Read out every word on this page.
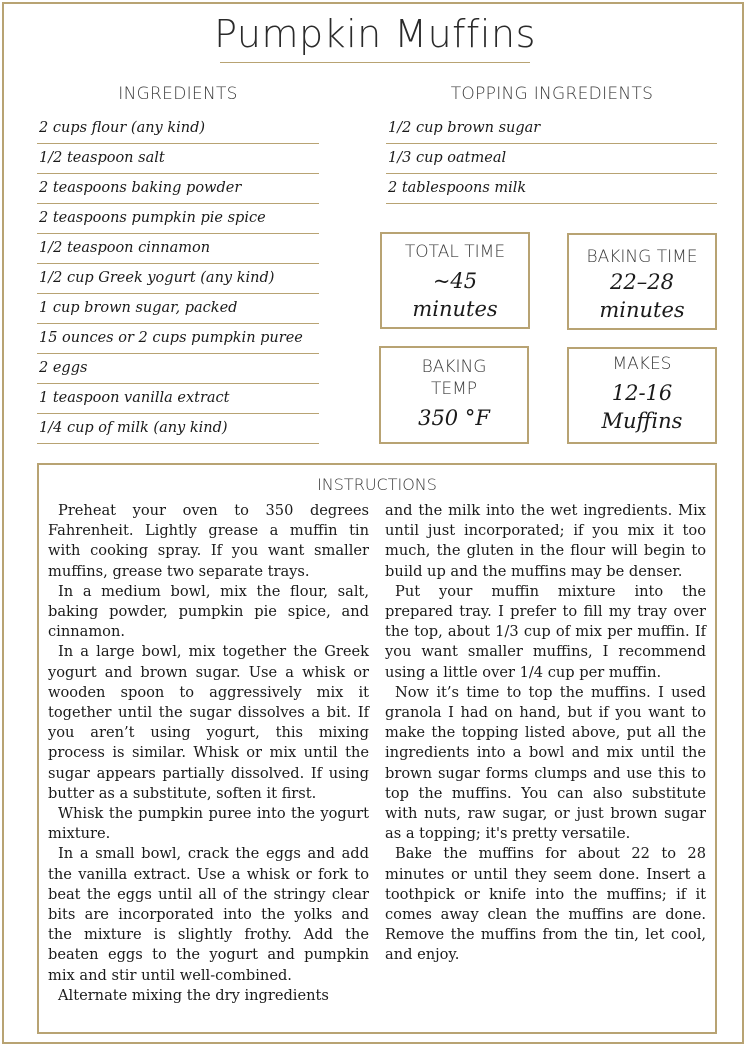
Pumpkin Muffins
INGREDIENTS
2 cups flour (any kind)
1/2 teaspoon salt
2 teaspoons baking powder
2 teaspoons pumpkin pie spice
1/2 teaspoon cinnamon
1/2 cup Greek yogurt (any kind)
1 cup brown sugar, packed
15 ounces or 2 cups pumpkin puree
2 eggs
1 teaspoon vanilla extract
1/4 cup of milk (any kind)
TOPPING INGREDIENTS
1/2 cup brown sugar
1/3 cup oatmeal
2 tablespoons milk
TOTAL TIME
~45
minutes
BAKING TIME
22–28
minutes
BAKING
TEMP
350 °F
MAKES
12-16
Muffins
INSTRUCTIONS

Preheat your oven to 350 degrees Fahrenheit. Lightly grease a muffin tin with cooking spray. If you want smaller muffins, grease two separate trays.

In a medium bowl, mix the flour, salt, baking powder, pumpkin pie spice, and cinnamon.

In a large bowl, mix together the Greek yogurt and brown sugar. Use a whisk or wooden spoon to aggressively mix it together until the sugar dissolves a bit. If you aren’t using yogurt, this mixing process is similar. Whisk or mix until the sugar appears partially dissolved. If using butter as a substitute, soften it first.

Whisk the pumpkin puree into the yogurt mixture.

In a small bowl, crack the eggs and add the vanilla extract. Use a whisk or fork to beat the eggs until all of the stringy clear bits are incorporated into the yolks and the mixture is slightly frothy. Add the beaten eggs to the yogurt and pumpkin mix and stir until well-combined.

Alternate mixing the dry ingredients

and the milk into the wet ingredients. Mix until just incorporated; if you mix it too much, the gluten in the flour will begin to build up and the muffins may be denser.

Put your muffin mixture into the prepared tray. I prefer to fill my tray over the top, about 1/3 cup of mix per muffin. If you want smaller muffins, I recommend using a little over 1/4 cup per muffin.

Now it’s time to top the muffins. I used granola I had on hand, but if you want to make the topping listed above, put all the ingredients into a bowl and mix until the brown sugar forms clumps and use this to top the muffins. You can also substitute with nuts, raw sugar, or just brown sugar as a topping; it's pretty versatile.

Bake the muffins for about 22 to 28 minutes or until they seem done. Insert a toothpick or knife into the muffins; if it comes away clean the muffins are done. Remove the muffins from the tin, let cool, and enjoy.
